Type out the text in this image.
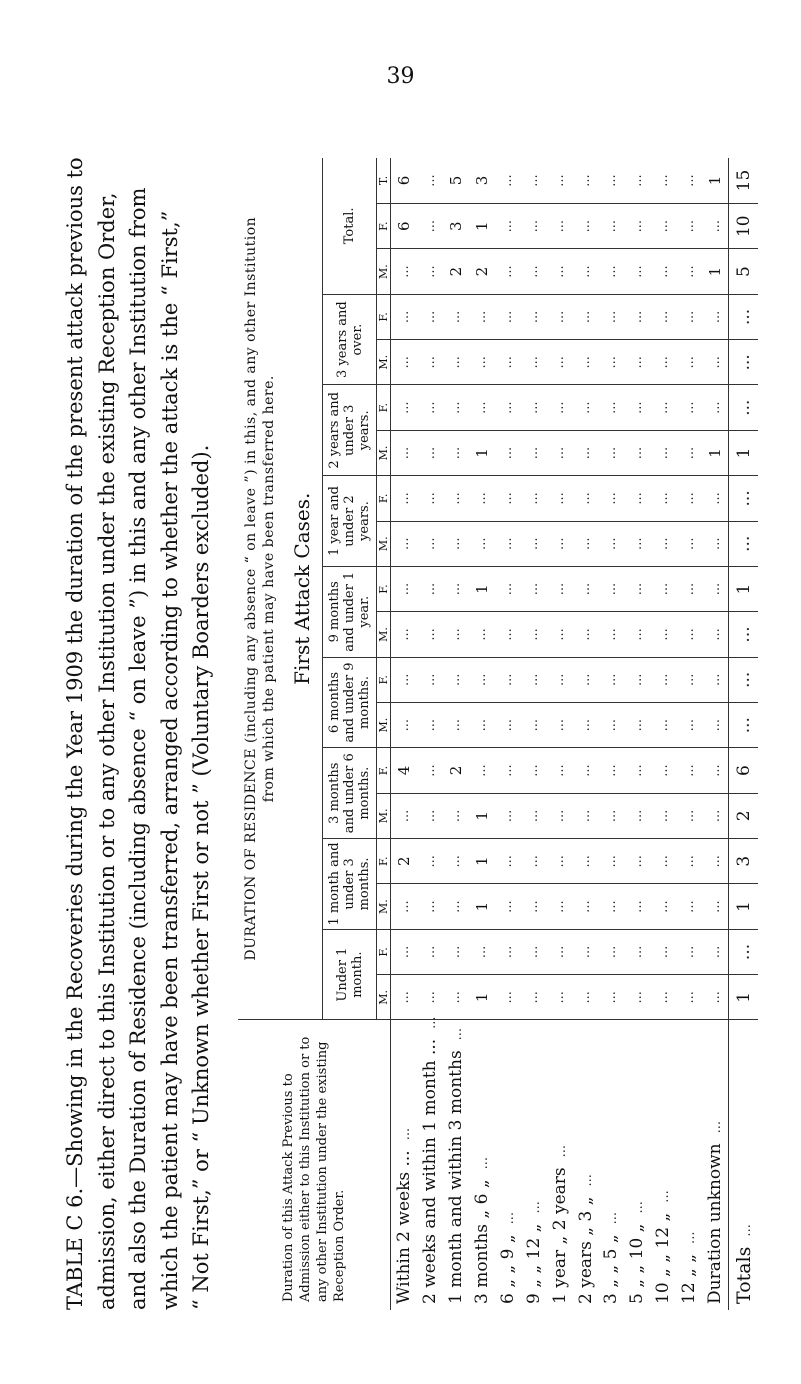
39
TABLE C 6.—Showing in the Recoveries during the Year 1909 the duration of the present attack previous to admission, either direct to this Institution or to any other Institution under the existing Reception Order, and also the Duration of Residence (including absence “ on leave ”) in this and any other Institution from which the patient may have been transferred, arranged according to whether the attack is the “ First,” “ Not First,” or “ Unknown whether First or not ” (Voluntary Boarders excluded).	Duration of this Attack Previous to Admission either to this Institution or to any other Institution under the existing Reception Order.	DURATION OF RESIDENCE (including any absence “ on leave ”) in this, and any other Institution from which the patient may have been transferred here.																		

	First Attack Cases.																		
	Under 1 month.		1 month and under 3 months.		3 months and under 6 months.		6 months and under 9 months.		9 months and under 1 year.		1 year and under 2 years.		2 years and under 3 years.		3 years and over.		Total.		
	M.	F.	M.	F.	M.	F.	M.	F.	M.	F.	M.	F.	M.	F.	M.	F.	M.	F.	T.
Within 2 weeks ......	...	...	...	2	...	4	...	...	...	...	...	...	...	...	...	...	...	6	6
2 weeks and within 1 month ......	...	...	...	...	...	...	...	...	...	...	...	...	...	...	...	...	...	...	...
1 month and within 3 months...	...	...	...	...	...	2	...	...	...	...	...	...	...	...	...	...	2	3	5
3 months „ 6 „...	1	...	1	1	1	...	...	...	...	1	...	...	1	...	...	...	2	1	3
6 „ „ 9 „...	...	...	...	...	...	...	...	...	...	...	...	...	...	...	...	...	...	...	...
9 „ „ 12 „...	...	...	...	...	...	...	...	...	...	...	...	...	...	...	...	...	...	...	...
1 year „ 2 years...	...	...	...	...	...	...	...	...	...	...	...	...	...	...	...	...	...	...	...
2 years „ 3 „...	...	...	...	...	...	...	...	...	...	...	...	...	...	...	...	...	...	...	...
3 „ „ 5 „...	...	...	...	...	...	...	...	...	...	...	...	...	...	...	...	...	...	...	...
5 „ „ 10 „...	...	...	...	...	...	...	...	...	...	...	...	...	...	...	...	...	...	...	...
10 „ „ 12 „...	...	...	...	...	...	...	...	...	...	...	...	...	...	...	...	...	...	...	...
12 „ „...	...	...	...	...	...	...	...	...	...	...	...	...	...	...	...	...	...	...	...
Duration unknown...	...	...	...	...	...	...	...	...	...	...	...	...	1	...	...	...	1	...	1
Totals...	1	...	1	3	2	6	...	...	...	1	...	...	1	...	...	...	5	10	15
